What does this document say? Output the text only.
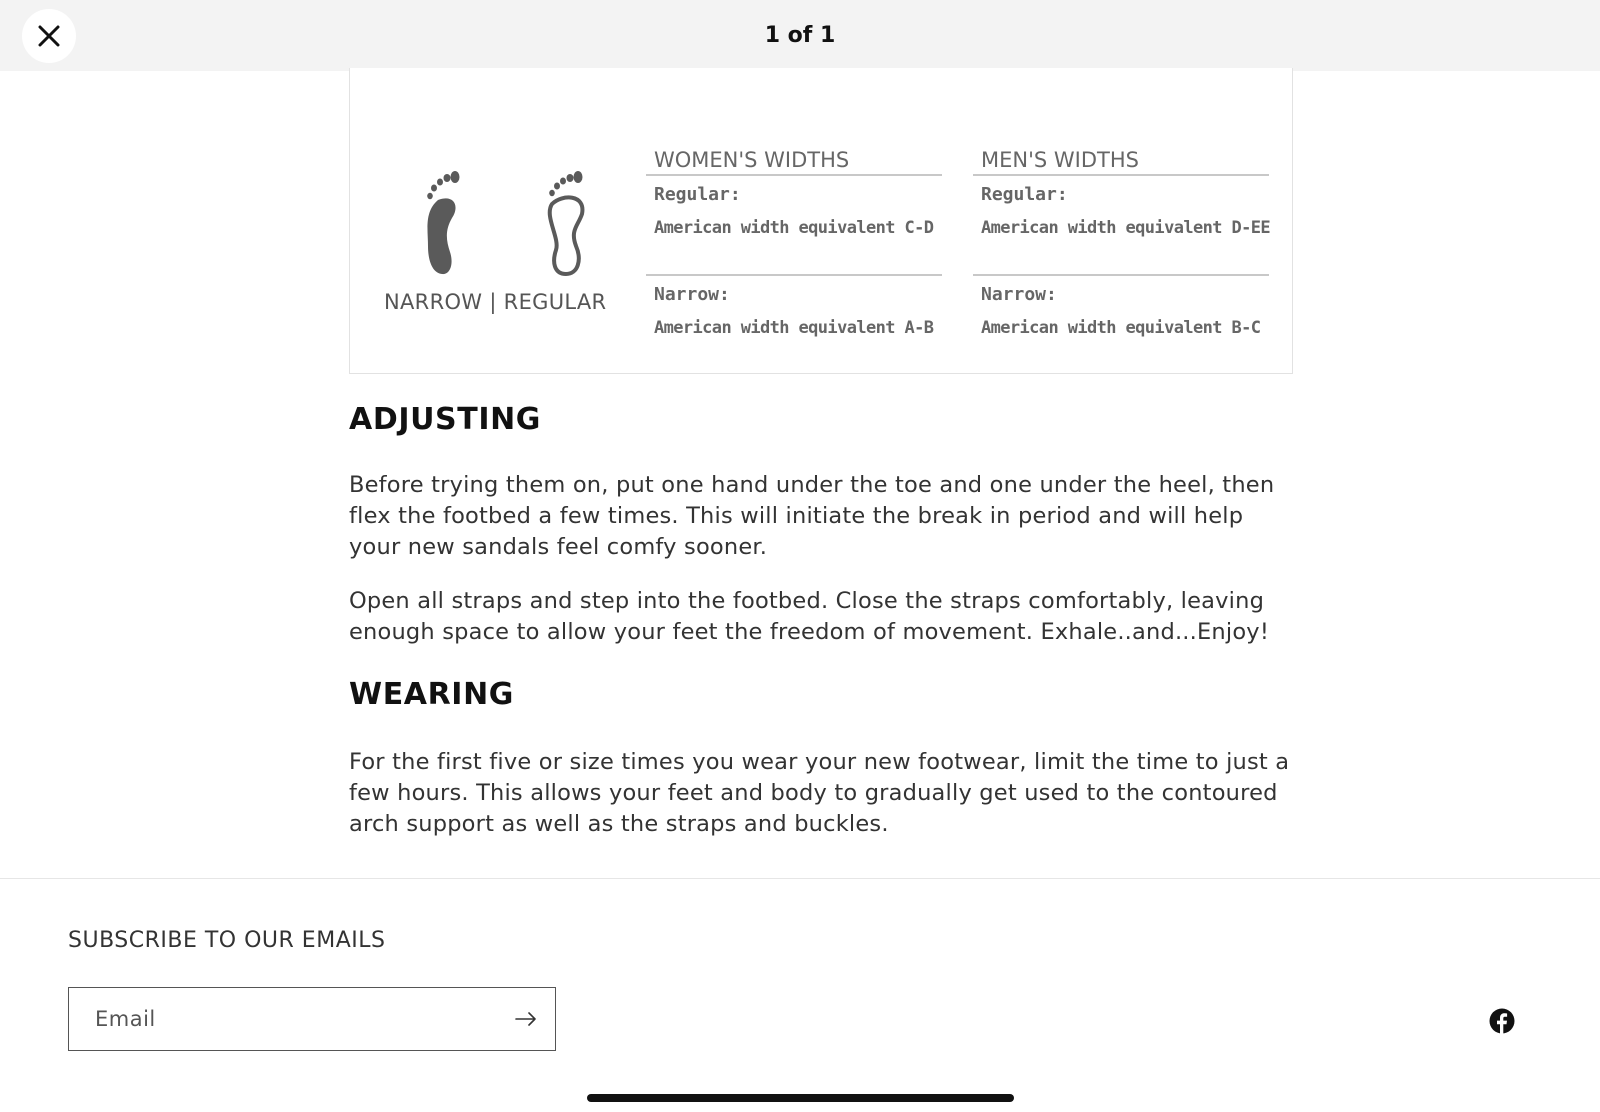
1 of 1
NARROW | REGULAR
WOMEN'S WIDTHS
Regular:
American width equivalent C-D
Narrow:
American width equivalent A-B
MEN'S WIDTHS
Regular:
American width equivalent D-EE
Narrow:
American width equivalent B-C
ADJUSTING

Before trying them on, put one hand under the toe and one under the heel, then flex the footbed a few times. This will initiate the break in period and will help your new sandals feel comfy sooner.

Open all straps and step into the footbed. Close the straps comfortably, leaving enough space to allow your feet the freedom of movement. Exhale..and...Enjoy!

WEARING

For the first five or size times you wear your new footwear, limit the time to just a few hours. This allows your feet and body to gradually get used to the contoured arch support as well as the straps and buckles.

SUBSCRIBE TO OUR EMAILS
Email
